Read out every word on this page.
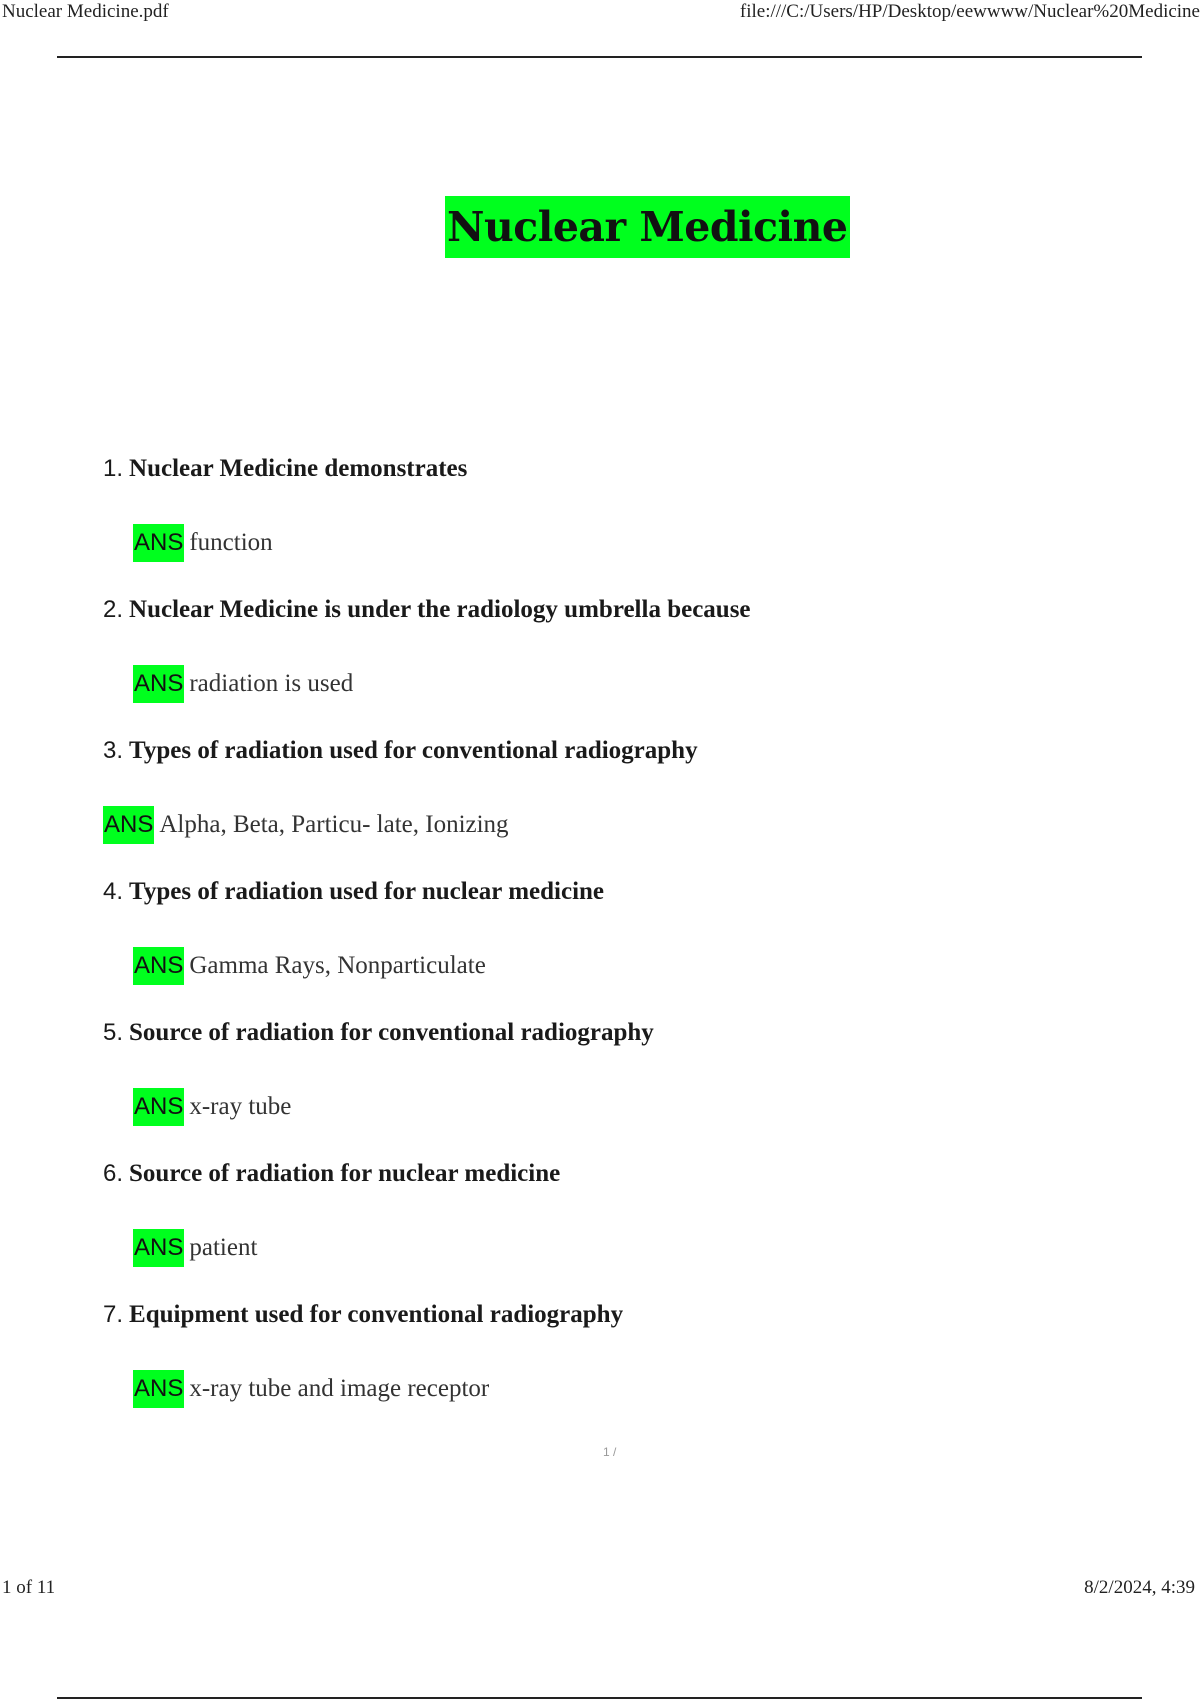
Nuclear Medicine.pdf	file:///C:/Users/HP/Desktop/eewwww/Nuclear%20Medicine
Nuclear Medicine
1. Nuclear Medicine demonstrates
ANS function
2. Nuclear Medicine is under the radiology umbrella because
ANS radiation is used
3. Types of radiation used for conventional radiography
ANS Alpha, Beta, Particu- late, Ionizing
4. Types of radiation used for nuclear medicine
ANS Gamma Rays, Nonparticulate
5. Source of radiation for conventional radiography
ANS x-ray tube
6. Source of radiation for nuclear medicine
ANS patient
7. Equipment used for conventional radiography
ANS x-ray tube and image receptor
1 /
1 of 11	8/2/2024, 4:39
